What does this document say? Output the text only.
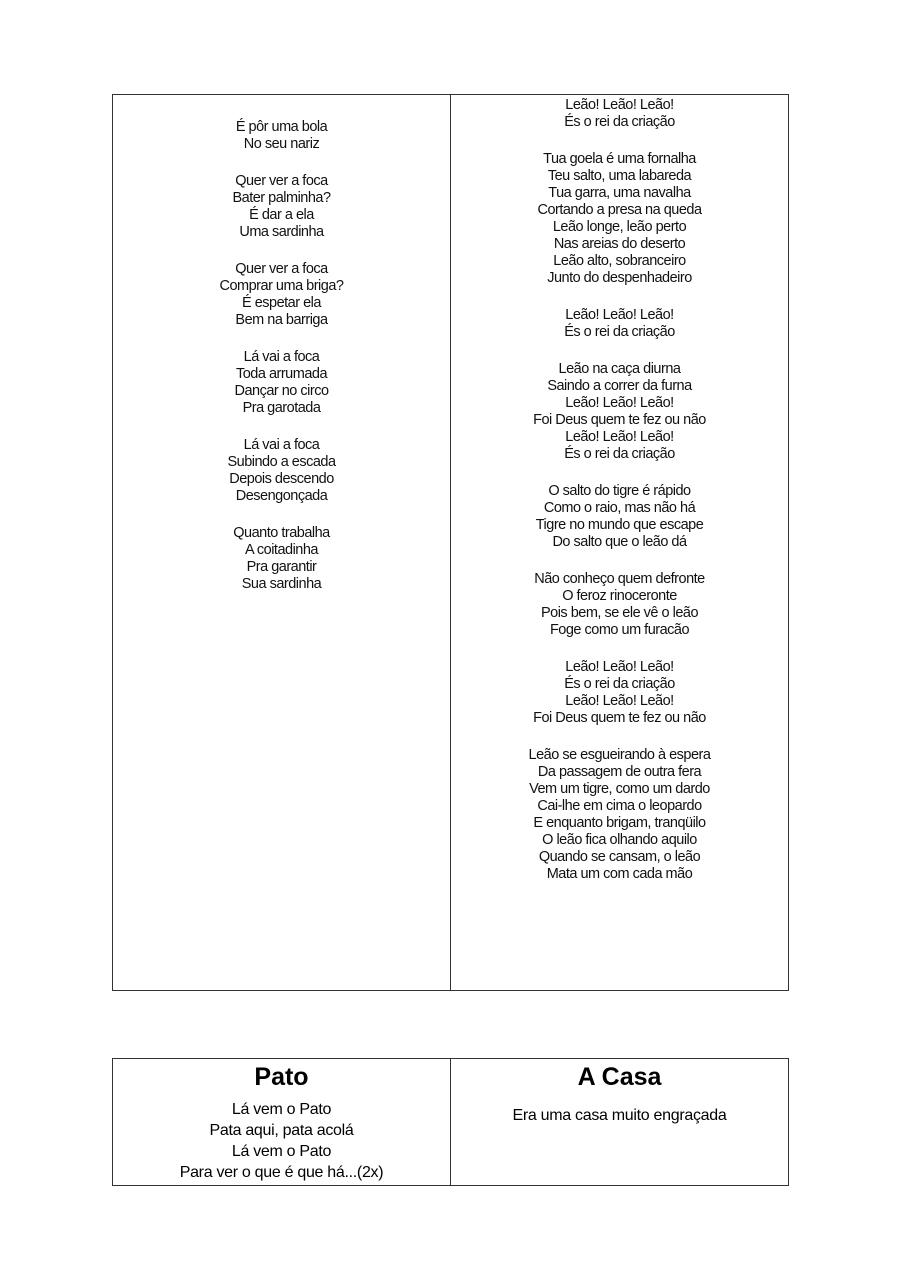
É pôr uma bola
No seu nariz
Quer ver a foca
Bater palminha?
É dar a ela
Uma sardinha
Quer ver a foca
Comprar uma briga?
É espetar ela
Bem na barriga
Lá vai a foca
Toda arrumada
Dançar no circo
Pra garotada
Lá vai a foca
Subindo a escada
Depois descendo
Desengonçada
Quanto trabalha
A coitadinha
Pra garantir
Sua sardinha
Leão! Leão! Leão!
És o rei da criação
Tua goela é uma fornalha
Teu salto, uma labareda
Tua garra, uma navalha
Cortando a presa na queda
Leão longe, leão perto
Nas areias do deserto
Leão alto, sobranceiro
Junto do despenhadeiro
Leão! Leão! Leão!
És o rei da criação
Leão na caça diurna
Saindo a correr da furna
Leão! Leão! Leão!
Foi Deus quem te fez ou não
Leão! Leão! Leão!
És o rei da criação
O salto do tigre é rápido
Como o raio, mas não há
Tigre no mundo que escape
Do salto que o leão dá
Não conheço quem defronte
O feroz rinoceronte
Pois bem, se ele vê o leão
Foge como um furacão
Leão! Leão! Leão!
És o rei da criação
Leão! Leão! Leão!
Foi Deus quem te fez ou não
Leão se esgueirando à espera
Da passagem de outra fera
Vem um tigre, como um dardo
Cai-lhe em cima o leopardo
E enquanto brigam, tranqüilo
O leão fica olhando aquilo
Quando se cansam, o leão
Mata um com cada mão
Pato
Lá vem o Pato
Pata aqui, pata acolá
Lá vem o Pato
Para ver o que é que há...(2x)
A Casa
Era uma casa muito engraçada
